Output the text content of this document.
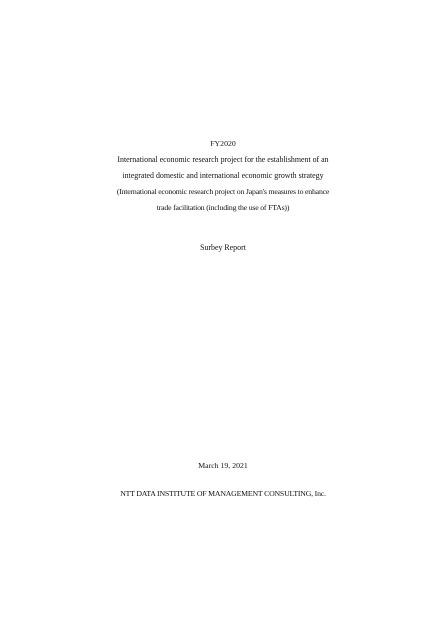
FY2020
International economic research project for the establishment of an
integrated domestic and international economic growth strategy
(International economic research project on Japan's measures to enhance
trade facilitation (including the use of FTAs))
Surbey Report
March 19, 2021
NTT DATA INSTITUTE OF MANAGEMENT CONSULTING, Inc.
